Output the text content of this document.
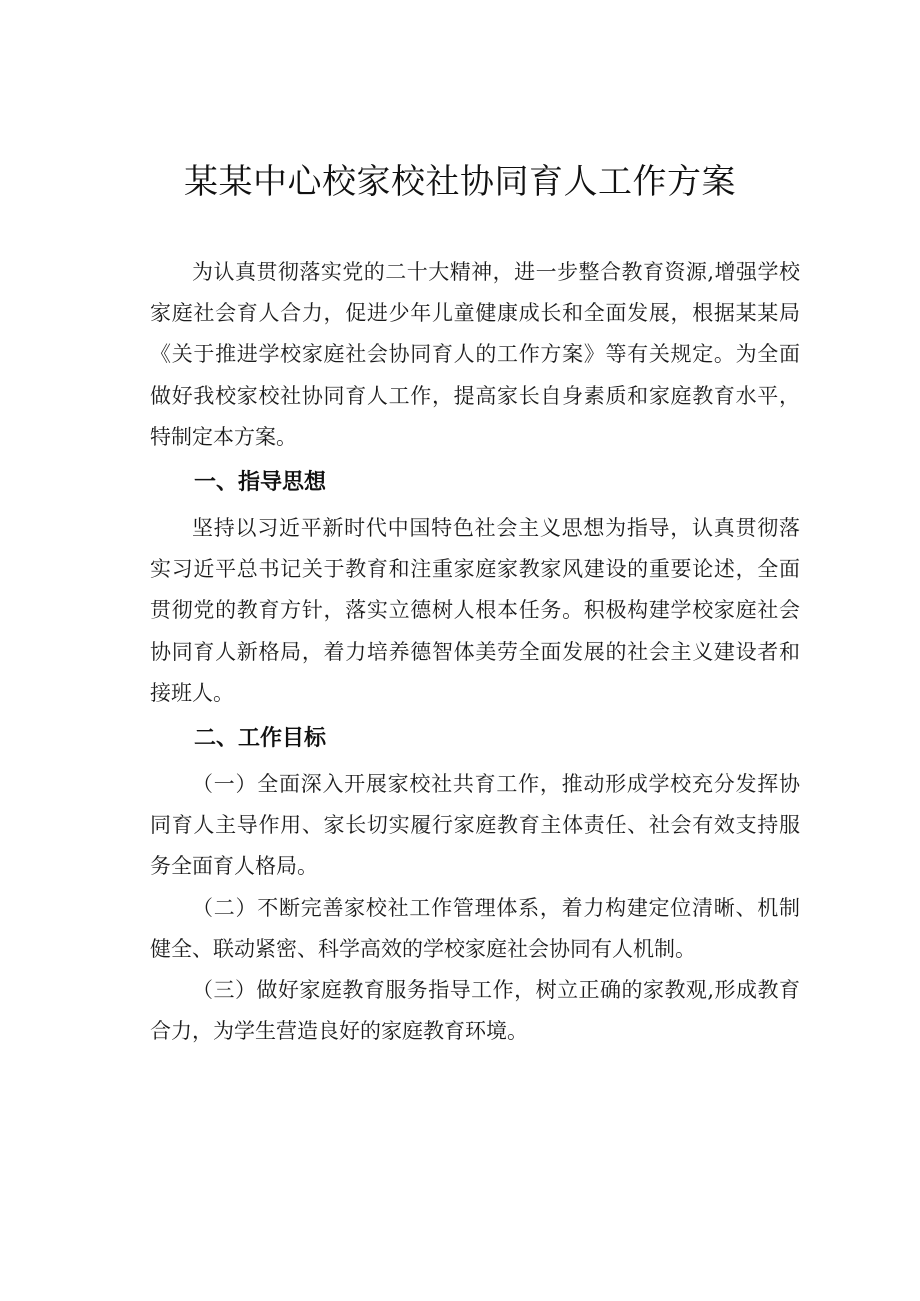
某某中心校家校社协同育人工作方案

为认真贯彻落实党的二十大精神，进一步整合教育资源,增强学校家庭社会育人合力，促进少年儿童健康成长和全面发展，根据某某局《关于推进学校家庭社会协同育人的工作方案》等有关规定。为全面做好我校家校社协同育人工作，提高家长自身素质和家庭教育水平，特制定本方案。

一、指导思想

坚持以习近平新时代中国特色社会主义思想为指导，认真贯彻落实习近平总书记关于教育和注重家庭家教家风建设的重要论述，全面贯彻党的教育方针，落实立德树人根本任务。积极构建学校家庭社会协同育人新格局，着力培养德智体美劳全面发展的社会主义建设者和接班人。

二、工作目标

（一）全面深入开展家校社共育工作，推动形成学校充分发挥协同育人主导作用、家长切实履行家庭教育主体责任、社会有效支持服务全面育人格局。

（二）不断完善家校社工作管理体系，着力构建定位清晰、机制健全、联动紧密、科学高效的学校家庭社会协同有人机制。

（三）做好家庭教育服务指导工作，树立正确的家教观,形成教育合力，为学生营造良好的家庭教育环境。
